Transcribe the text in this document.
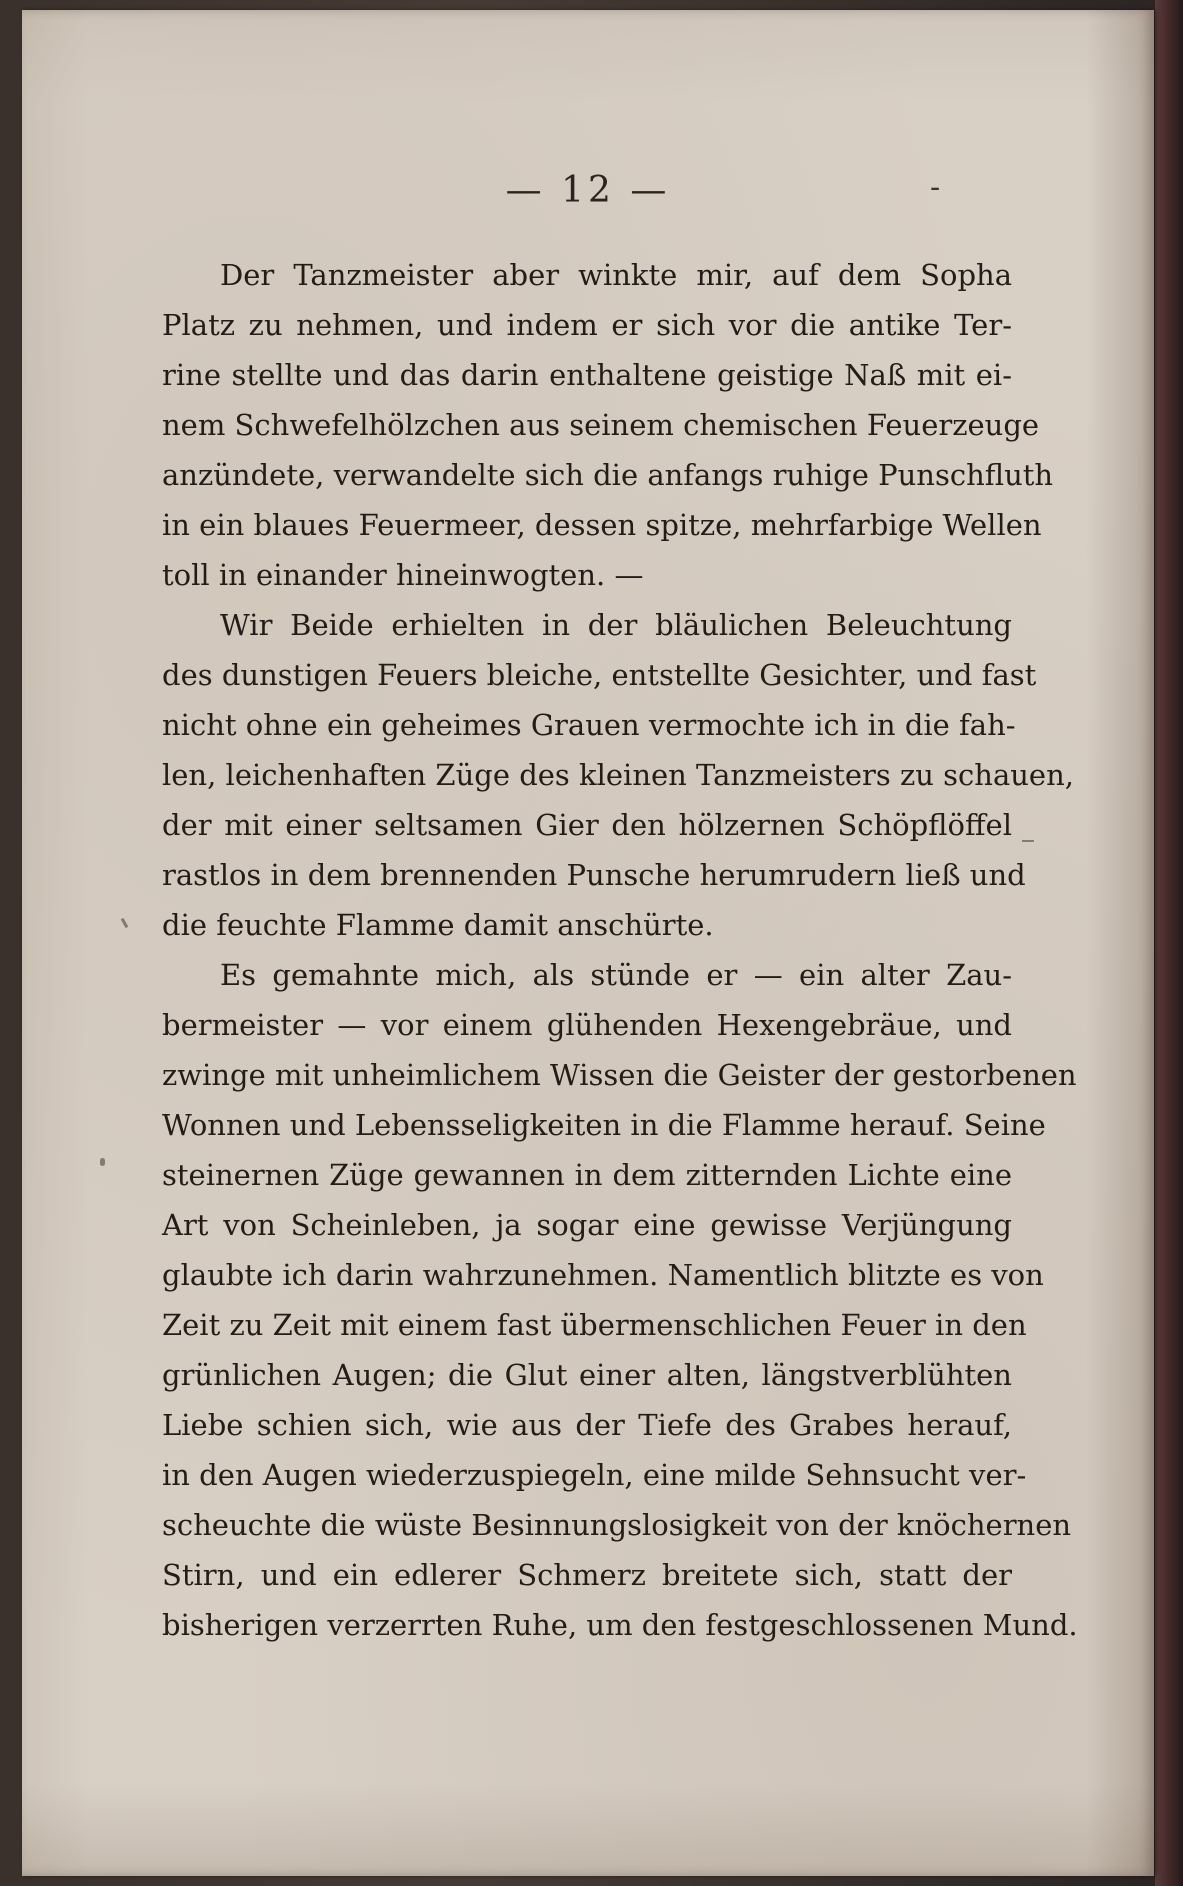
— 12 —	-
Der Tanzmeister aber winkte mir, auf dem Sopha
Platz zu nehmen, und indem er sich vor die antike Ter-
rine stellte und das darin enthaltene geistige Naß mit ei-
nem Schwefelhölzchen aus seinem chemischen Feuerzeuge
anzündete, verwandelte sich die anfangs ruhige Punschfluth
in ein blaues Feuermeer, dessen spitze, mehrfarbige Wellen
toll in einander hineinwogten. —
Wir Beide erhielten in der bläulichen Beleuchtung
des dunstigen Feuers bleiche, entstellte Gesichter, und fast
nicht ohne ein geheimes Grauen vermochte ich in die fah-
len, leichenhaften Züge des kleinen Tanzmeisters zu schauen,
der mit einer seltsamen Gier den hölzernen Schöpflöffel
rastlos in dem brennenden Punsche herumrudern ließ und
die feuchte Flamme damit anschürte.
Es gemahnte mich, als stünde er — ein alter Zau-
bermeister — vor einem glühenden Hexengebräue, und
zwinge mit unheimlichem Wissen die Geister der gestorbenen
Wonnen und Lebensseligkeiten in die Flamme herauf. Seine
steinernen Züge gewannen in dem zitternden Lichte eine
Art von Scheinleben, ja sogar eine gewisse Verjüngung
glaubte ich darin wahrzunehmen. Namentlich blitzte es von
Zeit zu Zeit mit einem fast übermenschlichen Feuer in den
grünlichen Augen; die Glut einer alten, längstverblühten
Liebe schien sich, wie aus der Tiefe des Grabes herauf,
in den Augen wiederzuspiegeln, eine milde Sehnsucht ver-
scheuchte die wüste Besinnungslosigkeit von der knöchernen
Stirn, und ein edlerer Schmerz breitete sich, statt der
bisherigen verzerrten Ruhe, um den festgeschlossenen Mund.
